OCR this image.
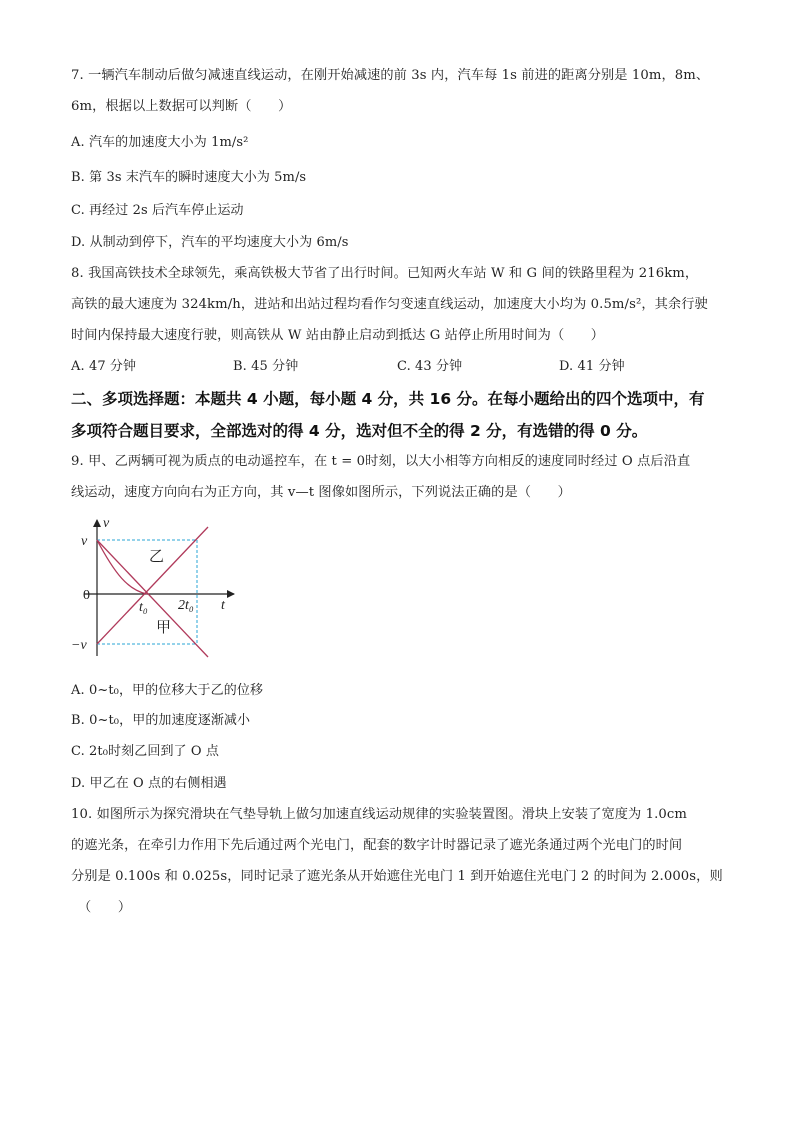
7. 一辆汽车制动后做匀减速直线运动，在刚开始减速的前 3s 内，汽车每 1s 前进的距离分别是 10m，8m、
6m，根据以上数据可以判断（　　）
A. 汽车的加速度大小为 1m/s²
B. 第 3s 末汽车的瞬时速度大小为 5m/s
C. 再经过 2s 后汽车停止运动
D. 从制动到停下，汽车的平均速度大小为 6m/s
8. 我国高铁技术全球领先，乘高铁极大节省了出行时间。已知两火车站 W 和 G 间的铁路里程为 216km，
高铁的最大速度为 324km/h，进站和出站过程均看作匀变速直线运动，加速度大小均为 0.5m/s²，其余行驶
时间内保持最大速度行驶，则高铁从 W 站由静止启动到抵达 G 站停止所用时间为（　　）
A. 47 分钟	B. 45 分钟	C. 43 分钟	D. 41 分钟
二、多项选择题：本题共 4 小题，每小题 4 分，共 16 分。在每小题给出的四个选项中，有
多项符合题目要求，全部选对的得 4 分，选对但不全的得 2 分，有选错的得 0 分。
9. 甲、乙两辆可视为质点的电动遥控车，在 t = 0时刻，以大小相等方向相反的速度同时经过 O 点后沿直
线运动，速度方向向右为正方向，其 v—t 图像如图所示，下列说法正确的是（　　）
v
t
v
−v
0
t₀ 2t₀
乙
甲
A. 0~t₀，甲的位移大于乙的位移
B. 0~t₀，甲的加速度逐渐减小
C. 2t₀时刻乙回到了 O 点
D. 甲乙在 O 点的右侧相遇
10. 如图所示为探究滑块在气垫导轨上做匀加速直线运动规律的实验装置图。滑块上安装了宽度为 1.0cm
的遮光条，在牵引力作用下先后通过两个光电门，配套的数字计时器记录了遮光条通过两个光电门的时间
分别是 0.100s 和 0.025s，同时记录了遮光条从开始遮住光电门 1 到开始遮住光电门 2 的时间为 2.000s，则
（　　）
